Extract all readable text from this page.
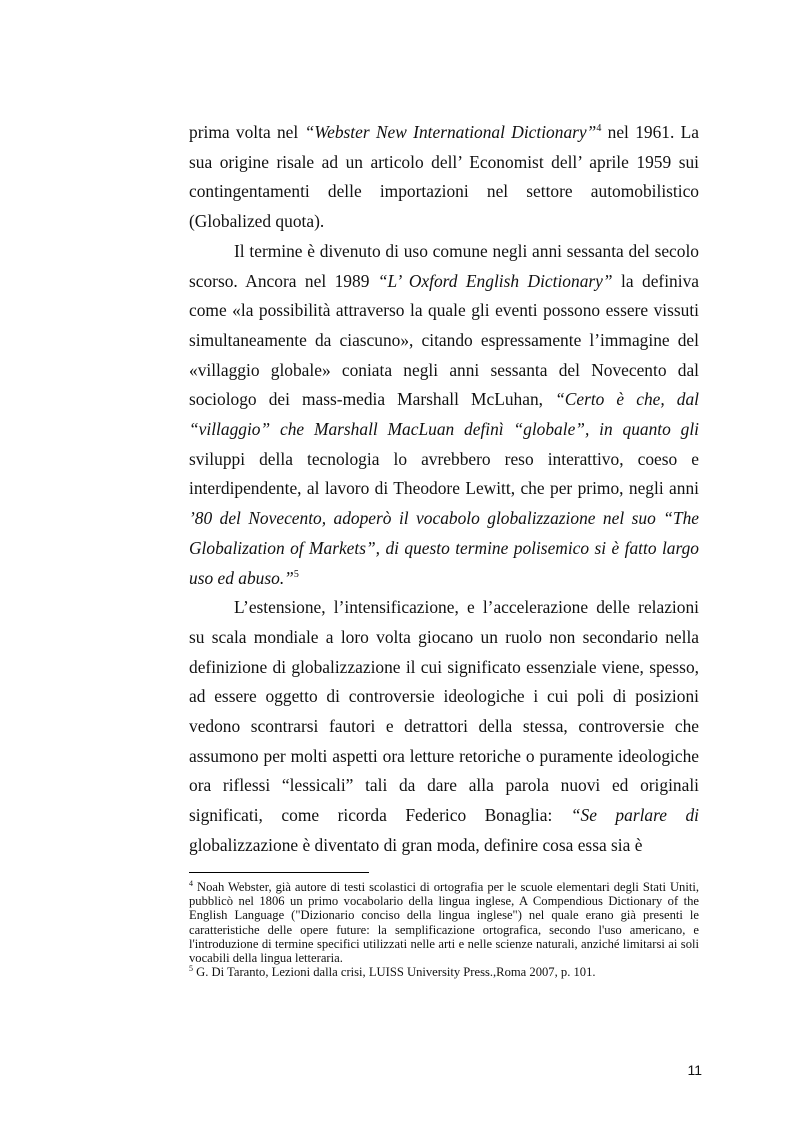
prima volta nel “Webster New International Dictionary”$^4$ nel 1961. La sua origine risale ad un articolo dell’ Economist dell’ aprile 1959 sui contingentamenti delle importazioni nel settore automobilistico (Globalized quota).

Il termine è divenuto di uso comune negli anni sessanta del secolo scorso. Ancora nel 1989 “L’ Oxford English Dictionary” la definiva come «la possibilità attraverso la quale gli eventi possono essere vissuti simultaneamente da ciascuno», citando espressamente l’immagine del «villaggio globale» coniata negli anni sessanta del Novecento dal sociologo dei mass-media Marshall McLuhan, “Certo è che, dal “villaggio” che Marshall MacLuan definì “globale”, in quanto gli sviluppi della tecnologia lo avrebbero reso interattivo, coeso e interdipendente, al lavoro di Theodore Lewitt, che per primo, negli anni ’80 del Novecento, adoperò il vocabolo globalizzazione nel suo “The Globalization of Markets”, di questo termine polisemico si è fatto largo uso ed abuso.”$^5$

L’estensione, l’intensificazione, e l’accelerazione delle relazioni su scala mondiale a loro volta giocano un ruolo non secondario nella definizione di globalizzazione il cui significato essenziale viene, spesso, ad essere oggetto di controversie ideologiche i cui poli di posizioni vedono scontrarsi fautori e detrattori della stessa, controversie che assumono per molti aspetti ora letture retoriche o puramente ideologiche ora riflessi “lessicali” tali da dare alla parola nuovi ed originali significati, come ricorda Federico Bonaglia: “Se parlare di globalizzazione è diventato di gran moda, definire cosa essa sia è

$^4$ Noah Webster, già autore di testi scolastici di ortografia per le scuole elementari degli Stati Uniti, pubblicò nel 1806 un primo vocabolario della lingua inglese, A Compendious Dictionary of the English Language ("Dizionario conciso della lingua inglese") nel quale erano già presenti le caratteristiche delle opere future: la semplificazione ortografica, secondo l'uso americano, e l'introduzione di termine specifici utilizzati nelle arti e nelle scienze naturali, anziché limitarsi ai soli vocabili della lingua letteraria.

$^5$ G. Di Taranto, Lezioni dalla crisi, LUISS University Press.,Roma 2007, p. 101.

11
